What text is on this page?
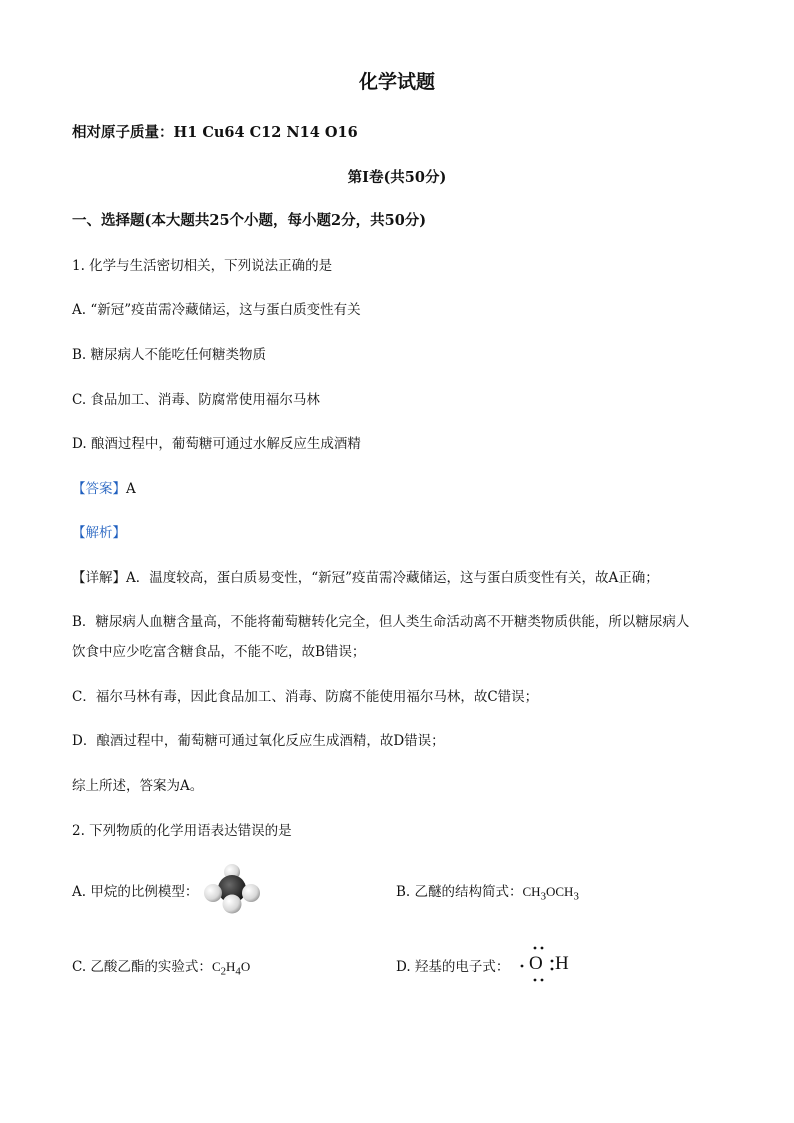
化学试题
相对原子质量：H1 Cu64 C12 N14 O16
第Ⅰ卷(共50分)
一、选择题(本大题共25个小题，每小题2分，共50分)
1. 化学与生活密切相关，下列说法正确的是
A. “新冠”疫苗需冷藏储运，这与蛋白质变性有关
B. 糖尿病人不能吃任何糖类物质
C. 食品加工、消毒、防腐常使用福尔马林
D. 酿酒过程中，葡萄糖可通过水解反应生成酒精
【答案】A
【解析】
【详解】A．温度较高，蛋白质易变性，“新冠”疫苗需冷藏储运，这与蛋白质变性有关，故A正确；
B．糖尿病人血糖含量高，不能将葡萄糖转化完全，但人类生命活动离不开糖类物质供能，所以糖尿病人
饮食中应少吃富含糖食品，不能不吃，故B错误；
C．福尔马林有毒，因此食品加工、消毒、防腐不能使用福尔马林，故C错误；
D．酿酒过程中，葡萄糖可通过氧化反应生成酒精，故D错误；
综上所述，答案为A。
2. 下列物质的化学用语表达错误的是
A. 甲烷的比例模型：	B. 乙醚的结构简式：$CH_3OCH_3$
C. 乙酸乙酯的实验式：$C_2H_4O$	D. 羟基的电子式： O H
